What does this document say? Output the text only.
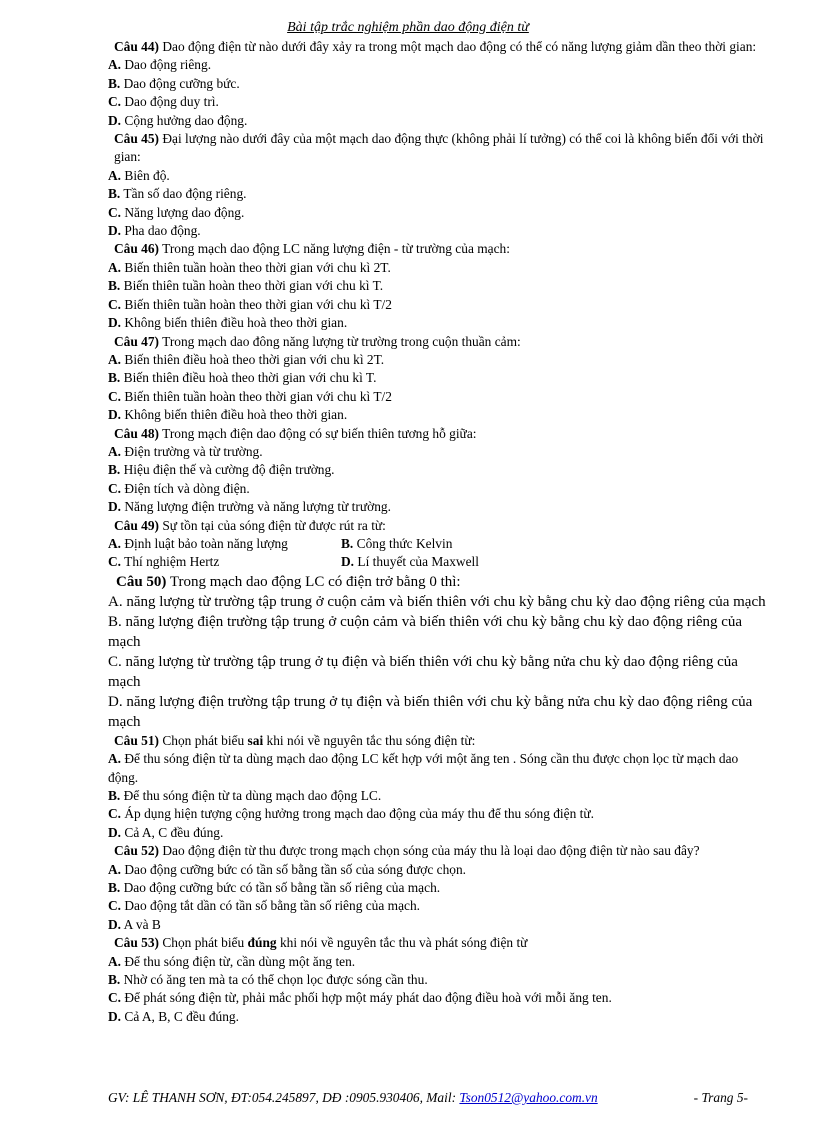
Bài tập trắc nghiệm phần dao động điện từ
Câu 44) Dao động điện từ nào dưới đây xảy ra trong một mạch dao động có thể có năng lượng giảm dần theo thời gian:
A. Dao động riêng.
B. Dao động cưỡng bức.
C. Dao động duy trì.
D. Cộng hưởng dao động.
Câu 45) Đại lượng nào dưới đây của một mạch dao động thực (không phải lí tưởng) có thể coi là không biến đổi với thời gian:
A. Biên độ.
B. Tần số dao động riêng.
C. Năng lượng dao động.
D. Pha dao động.
Câu 46) Trong mạch dao động LC năng lượng điện - từ trường của mạch:
A. Biến thiên tuần hoàn theo thời gian với chu kì 2T.
B. Biến thiên tuần hoàn theo thời gian với chu kì T.
C. Biến thiên tuần hoàn theo thời gian với chu kì T/2
D. Không biến thiên điều hoà theo thời gian.
Câu 47) Trong mạch dao đông năng lượng từ trường trong cuộn thuần cảm:
A. Biến thiên điều hoà theo thời gian với chu kì 2T.
B. Biến thiên điều hoà theo thời gian với chu kì T.
C. Biến thiên tuần hoàn theo thời gian với chu kì T/2
D. Không biến thiên điều hoà theo thời gian.
Câu 48) Trong mạch điện dao động có sự biến thiên tương hỗ giữa:
A. Điện trường và từ trường.
B. Hiệu điện thế và cường độ điện trường.
C. Điện tích và dòng điện.
D. Năng lượng điện trường và năng lượng từ trường.
Câu 49) Sự tồn tại của sóng điện từ được rút ra từ:
A. Định luật bảo toàn năng lượng	B. Công thức Kelvin
C. Thí nghiệm Hertz	D. Lí thuyết của Maxwell
Câu 50) Trong mạch dao động LC có điện trở bằng 0 thì:
A. năng lượng từ trường tập trung ở cuộn cảm và biến thiên với chu kỳ bằng chu kỳ dao động riêng của mạch
B. năng lượng điện trường tập trung ở cuộn cảm và biến thiên với chu kỳ bằng chu kỳ dao động riêng của mạch
C. năng lượng từ trường tập trung ở tụ điện và biến thiên với chu kỳ bằng nửa chu kỳ dao động riêng của mạch
D. năng lượng điện trường tập trung ở tụ điện và biến thiên với chu kỳ bằng nửa chu kỳ dao động riêng của mạch
Câu 51) Chọn phát biểu sai khi nói về nguyên tắc thu sóng điện từ:
A. Để thu sóng điện từ ta dùng mạch dao động LC kết hợp với một ăng ten . Sóng cần thu được chọn lọc từ mạch dao động.
B. Để thu sóng điện từ ta dùng mạch dao động LC.
C. Áp dụng hiện tượng cộng hưởng trong mạch dao động của máy thu để thu sóng điện từ.
D. Cả A, C đều đúng.
Câu 52) Dao động điện từ thu được trong mạch chọn sóng của máy thu là loại dao động điện từ nào sau đây?
A. Dao động cưỡng bức có tần số bằng tần số của sóng được chọn.
B. Dao động cưỡng bức có tần số bằng tần số riêng của mạch.
C. Dao động tắt dần có tần số bằng tần số riêng của mạch.
D. A và B
Câu 53) Chọn phát biểu đúng khi nói về nguyên tắc thu và phát sóng điện từ
A. Để thu sóng điện từ, cần dùng một ăng ten.
B. Nhờ có ăng ten mà ta có thể chọn lọc được sóng cần thu.
C. Để phát sóng điện từ, phải mắc phối hợp một máy phát dao động điều hoà với mỗi ăng ten.
D. Cả A, B, C đều đúng.
GV: LÊ THANH SƠN, ĐT:054.245897, DĐ :0905.930406, Mail: Tson0512@yahoo.com.vn	- Trang 5-
